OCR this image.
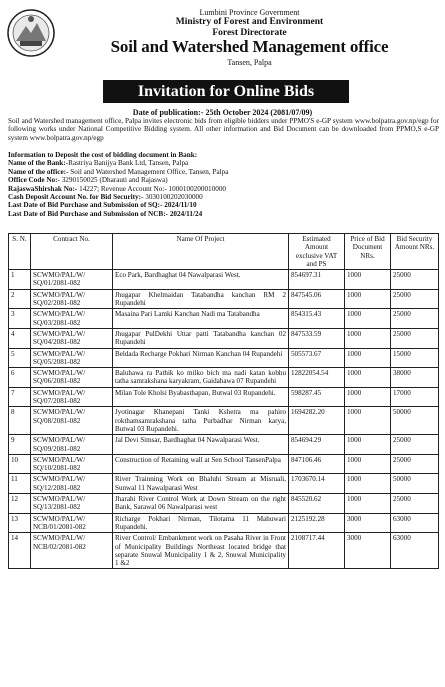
Lumbini Province Government
Ministry of Forest and Environment
Forest Directorate
Soil and Watershed Management office
Tansen, Palpa
Invitation for Online Bids
Date of publication:- 25th October 2024 (2081/07/09)
Soil and Watershed management office, Palpa invites electronic bids from eligible bidders under PPMO'S e-GP system www.bolpatra.gov.np/egp for following works under National Competitive Bidding system. All other information and Bid Document can be downloaded from PPMO,S e-GP system www.bolpatra.gov.np/egp
Information to Deposit the cost of bidding document in Bank:
Name of the Bank:-Rastriya Banijya Bank Ltd, Tansen, Palpa
Name of the office:- Soil and Watershed Management Office, Tansen, Palpa
Office Code No:- 3290150025 (Dharauti and Rajaswa)
RajaswaShirshak No:- 14227; Revenue Account No:- 1000100200010000
Cash Deposit Account No. for Bid Security:- 3030100202030000
Last Date of Bid Purchase and Submission of SQ:- 2024/11/10
Last Date of Bid Purchase and Submission of NCB:- 2024/11/24
S. N.	Contract No.	Name Of Project	Estimated Amount exclusive VAT and PS	Price of Bid Document NRs.	Bid Security Amount NRs.
1	SCWMO/PAL/W/ SQ/01/2081-082	Eco Park, Bardhaghat 04 Nawalparasi West.	854697.31	1000	25000
2	SCWMO/PAL/W/ SQ/02/2081-082	Jhugapar Khelmaidan Tatabandha kanchan RM 2 Rupandehi	847545.06	1000	25000
3	SCWMO/PAL/W/ SQ/03/2081-082	Masaina Pari Lamki Kanchan Nadi ma Tatabandha	854315.43	1000	25000
4	SCWMO/PAL/W/ SQ/04/2081-082	Jhugapar PulDekhi Uttar patti Tatabandha kanchan 02 Rupandehi	847533.59	1000	25000
5	SCWMO/PAL/W/ SQ/05/2081-082	Beldada Recharge Pokhari Nirman Kanchan 04 Rupandehi	505573.67	1000	15000
6	SCWMO/PAL/W/ SQ/06/2081-082	Baluhawa ra Pathik ko milko bich ma nadi katan kobhu tatha samrakshana karyakram, Gaidahawa 07 Rupandehi	12822054.54	1000	38000
7	SCWMO/PAL/W/ SQ/07/2081-082	Milan Tole Kholsi Byabasthapan, Butwal 03 Rupandehi.	598287.45	1000	17000
8	SCWMO/PAL/W/ SQ/08/2081-082	Jyotinagar Khanepani Tanki Kshetra ma pahiro rokthamsamrakshana tatha Purbadhar Nirman karya, Butwal 03 Rupandehi.	1694282.20	1000	50000
9	SCWMO/PAL/W/ SQ/09/2081-082	Jal Devi Simsar, Bardhaghat 04 Nawalparasi West.	854694.29	1000	25000
10	SCWMO/PAL/W/ SQ/10/2081-082	Construction of Retaining wall at Sen School TansenPalpa	847106.46	1000	25000
11	SCWMO/PAL/W/ SQ/12/2081-082	River Trainning Work on Bhaluhi Stream at Misruali, Sunwal 11 Nawalparasi West	1703670.14	1000	50000
12	SCWMO/PAL/W/ SQ/13/2081-082	Jharahi River Control Work at Down Stream on the right Bank, Sarawal 06 Nawalparasi west	845520.62	1000	25000
13	SCWMO/PAL/W/ NCB/01/2081-082	Richarge Pokhari Nirman, Tilotama 11 Mahuwari Rupandehi.	2125192.28	3000	63000
14	SCWMO/PAL/W/ NCB/02/2081-082	River Control/ Embankment work on Pasaha River in Front of Municipality Buildings Northeast located bridge that separate Snuwal Municipality 1 & 2, Snuwal Municipality 1 &2	2108717.44	3000	63000
